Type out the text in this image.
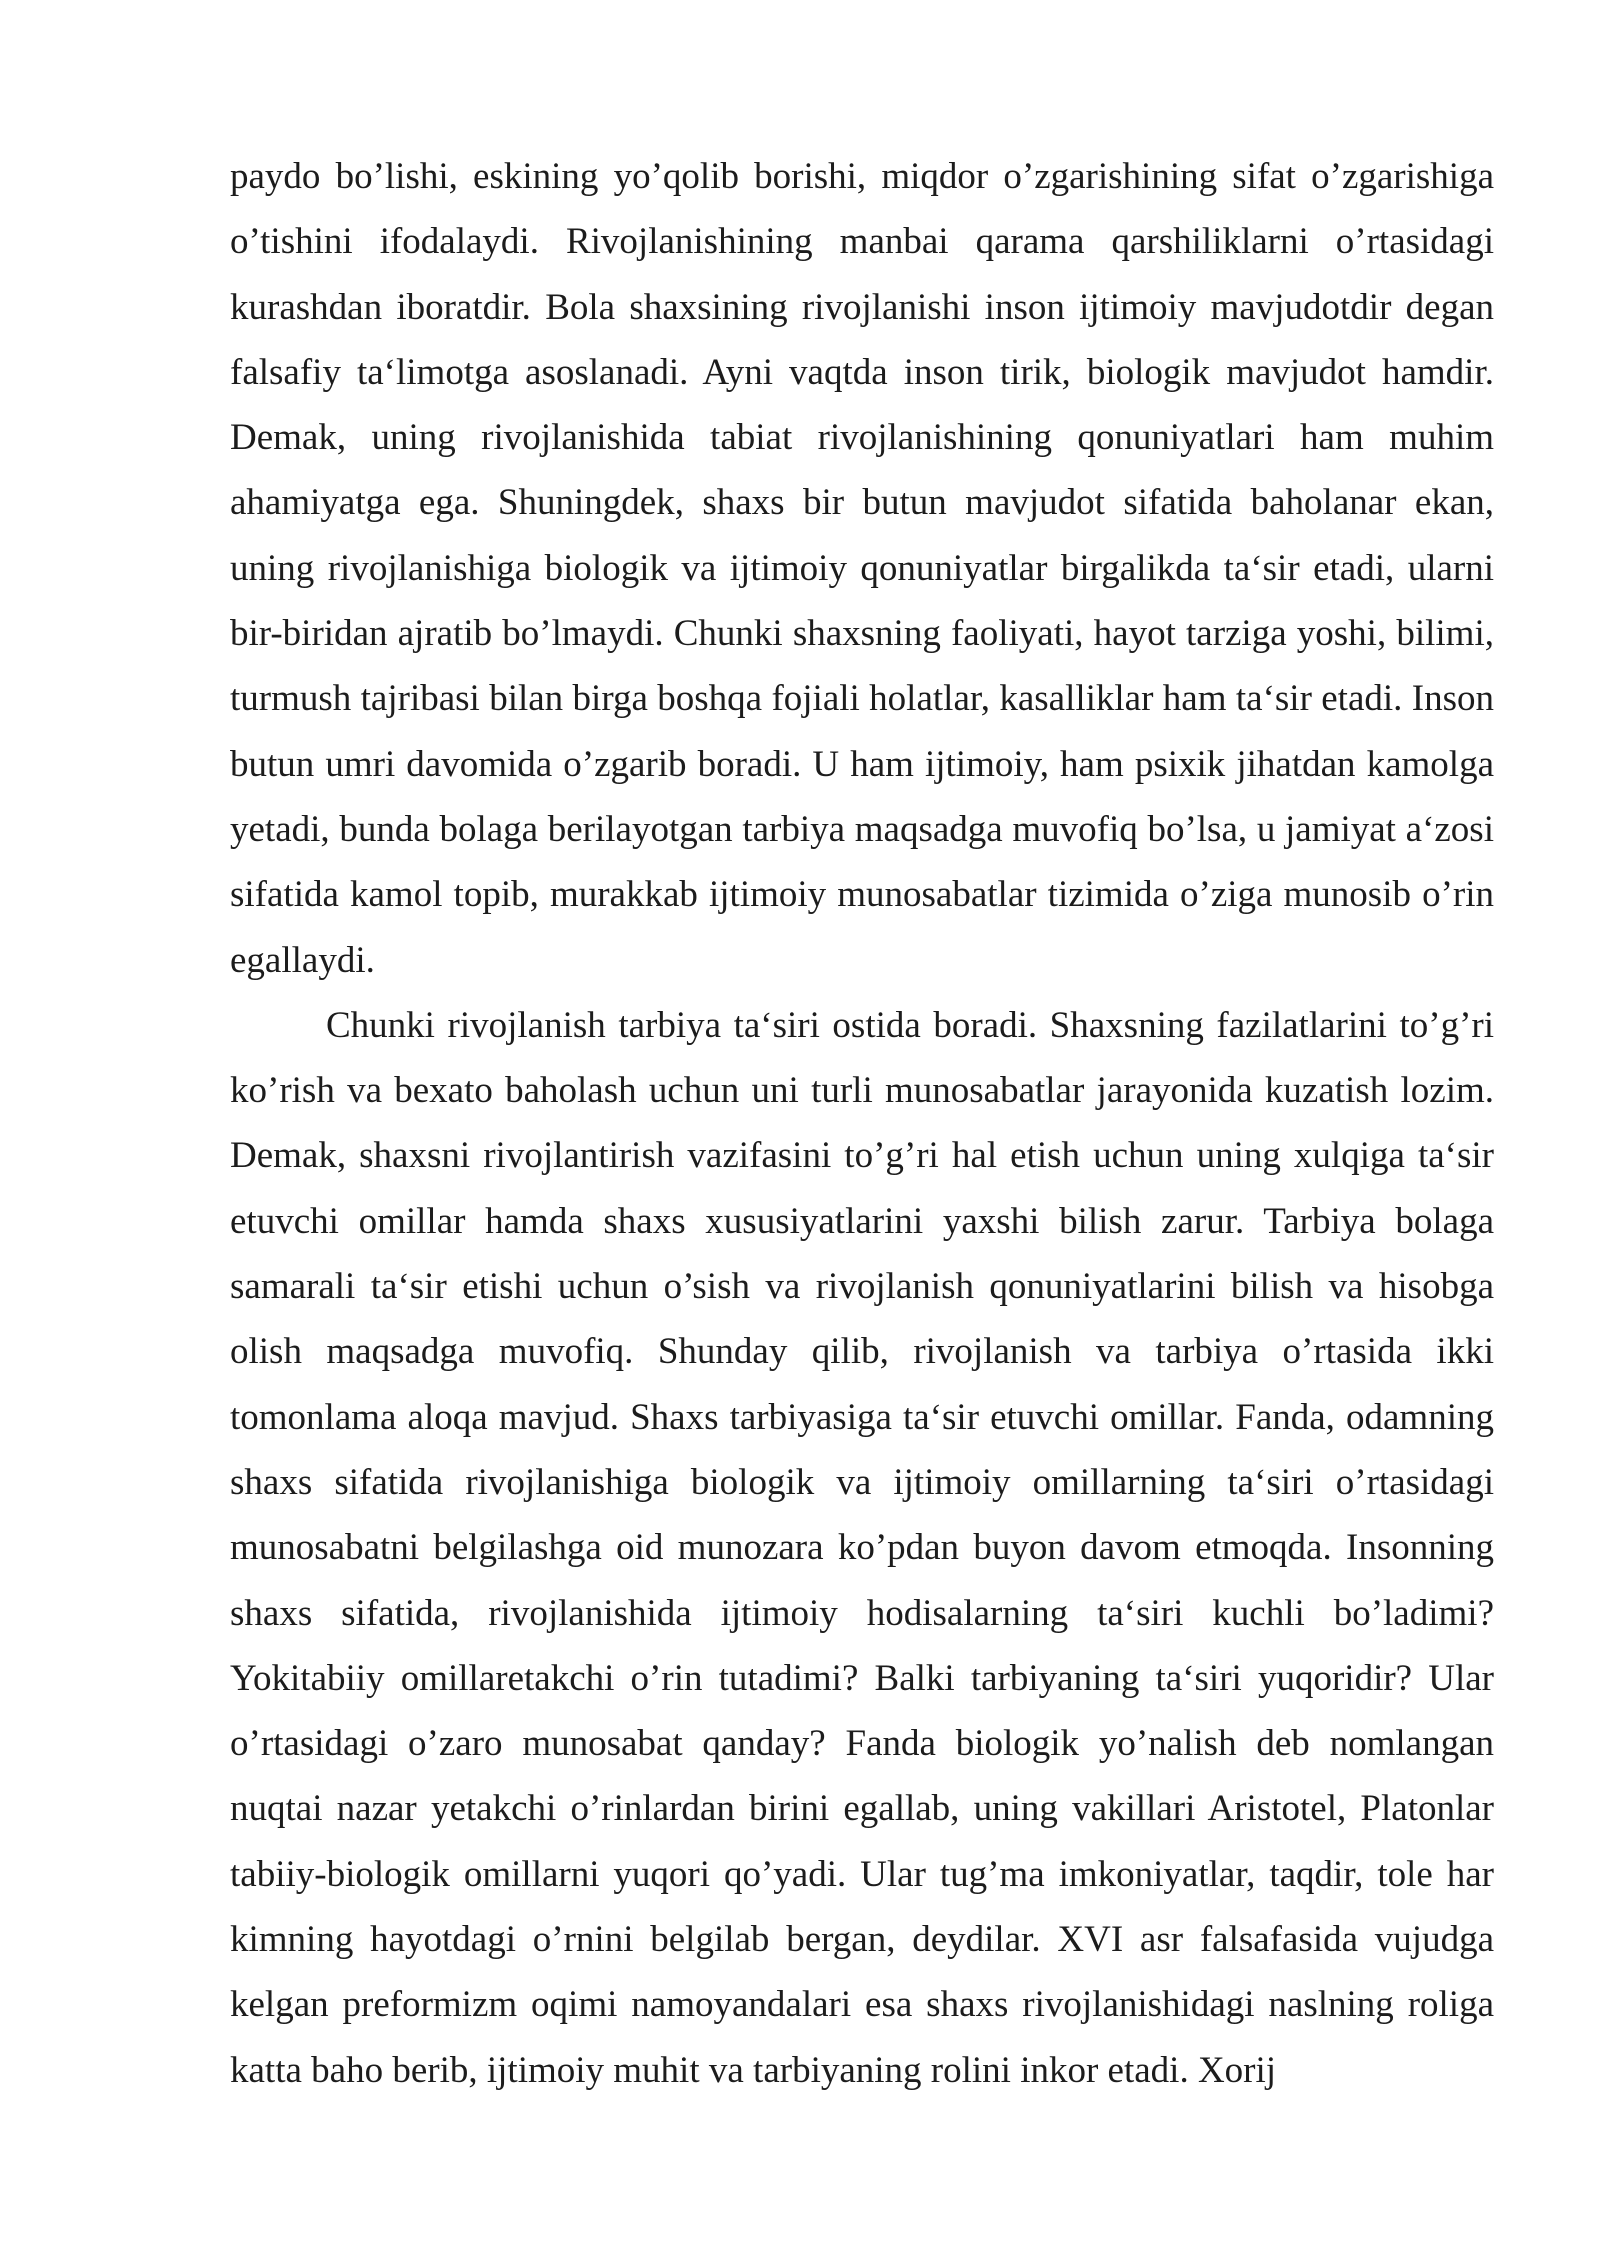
paydo bo’lishi, eskining yo’qolib borishi, miqdor o’zgarishining sifat o’zgarishiga o’tishini ifodalaydi. Rivojlanishining manbai qarama qarshiliklarni o’rtasidagi kurashdan iboratdir. Bola shaxsining rivojlanishi inson ijtimoiy mavjudotdir degan falsafiy ta‘limotga asoslanadi. Ayni vaqtda inson tirik, biologik mavjudot hamdir. Demak, uning rivojlanishida tabiat rivojlanishining qonuniyatlari ham muhim ahamiyatga ega. Shuningdek, shaxs bir butun mavjudot sifatida baholanar ekan, uning rivojlanishiga biologik va ijtimoiy qonuniyatlar birgalikda ta‘sir etadi, ularni bir-biridan ajratib bo’lmaydi. Chunki shaxsning faoliyati, hayot tarziga yoshi, bilimi, turmush tajribasi bilan birga boshqa fojiali holatlar, kasalliklar ham ta‘sir etadi. Inson butun umri davomida o’zgarib boradi. U ham ijtimoiy, ham psixik jihatdan kamolga yetadi, bunda bolaga berilayotgan tarbiya maqsadga muvofiq bo’lsa, u jamiyat a‘zosi sifatida kamol topib, murakkab ijtimoiy munosabatlar tizimida o’ziga munosib o’rin egallaydi.

Chunki rivojlanish tarbiya ta‘siri ostida boradi. Shaxsning fazilatlarini to’g’ri ko’rish va bexato baholash uchun uni turli munosabatlar jarayonida kuzatish lozim. Demak, shaxsni rivojlantirish vazifasini to’g’ri hal etish uchun uning xulqiga ta‘sir etuvchi omillar hamda shaxs xususiyatlarini yaxshi bilish zarur. Tarbiya bolaga samarali ta‘sir etishi uchun o’sish va rivojlanish qonuniyatlarini bilish va hisobga olish maqsadga muvofiq. Shunday qilib, rivojlanish va tarbiya o’rtasida ikki tomonlama aloqa mavjud. Shaxs tarbiyasiga ta‘sir etuvchi omillar. Fanda, odamning shaxs sifatida rivojlanishiga biologik va ijtimoiy omillarning ta‘siri o’rtasidagi munosabatni belgilashga oid munozara ko’pdan buyon davom etmoqda. Insonning shaxs sifatida, rivojlanishida ijtimoiy hodisalarning ta‘siri kuchli bo’ladimi? Yokitabiiy omillaretakchi o’rin tutadimi? Balki tarbiyaning ta‘siri yuqoridir? Ular o’rtasidagi o’zaro munosabat qanday? Fanda biologik yo’nalish deb nomlangan nuqtai nazar yetakchi o’rinlardan birini egallab, uning vakillari Aristotel, Platonlar tabiiy-biologik omillarni yuqori qo’yadi. Ular tug’ma imkoniyatlar, taqdir, tole har kimning hayotdagi o’rnini belgilab bergan, deydilar. XVI asr falsafasida vujudga kelgan preformizm oqimi namoyandalari esa shaxs rivojlanishidagi naslning roliga katta baho berib, ijtimoiy muhit va tarbiyaning rolini inkor etadi. Xorij
